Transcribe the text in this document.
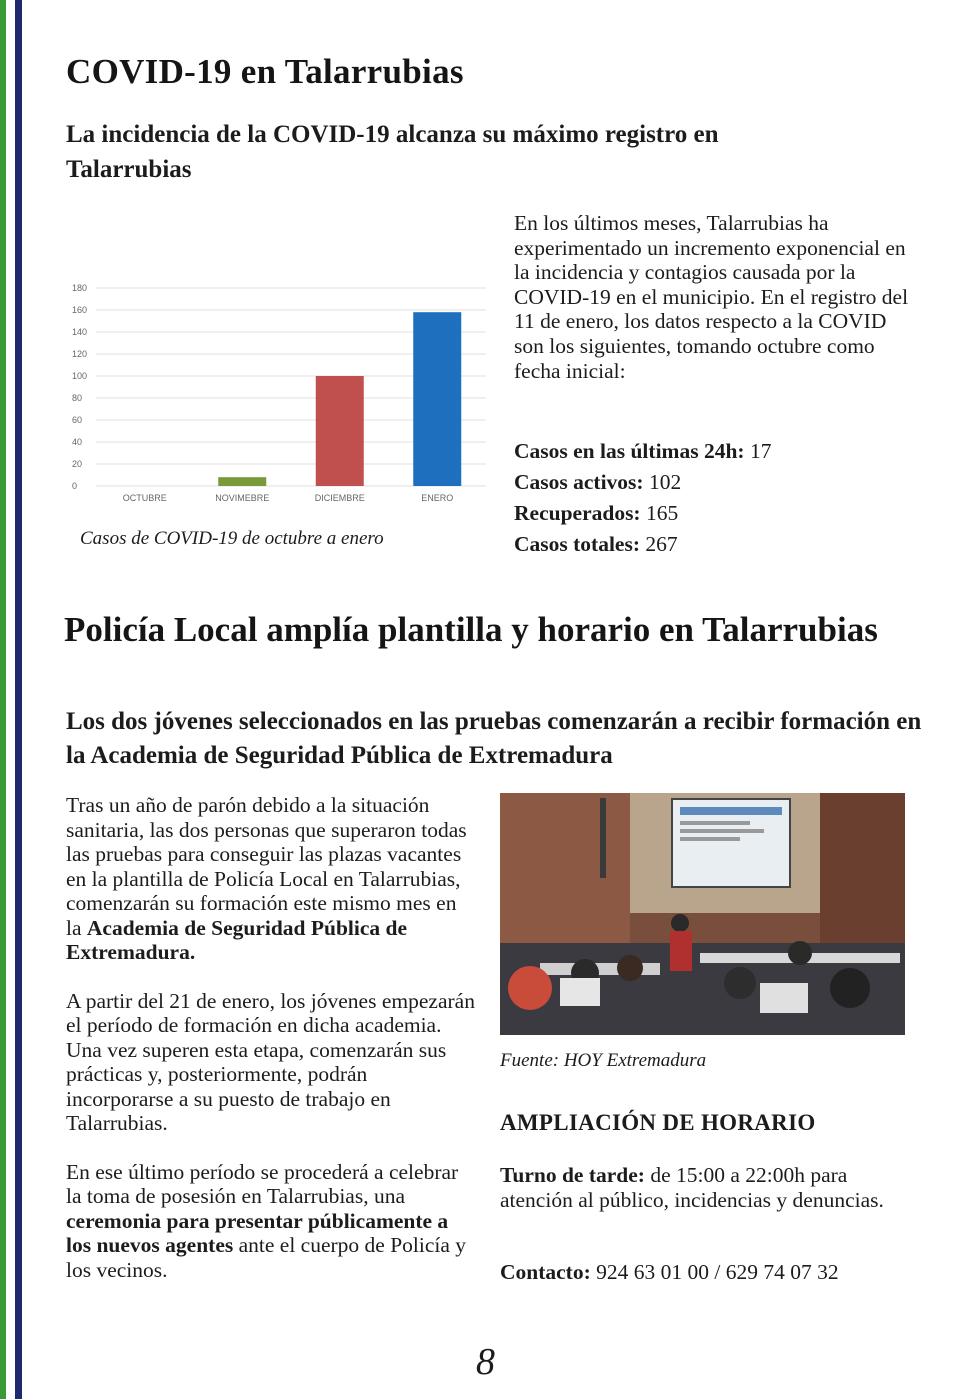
COVID-19 en Talarrubias
La incidencia de la COVID-19 alcanza su máximo registro en Talarrubias
0
20
40
60
80
100
120
140
160
180
OCTUBRE	NOVIMEBRE	DICIEMBRE	ENERO
Casos de COVID-19 de octubre a enero
En los últimos meses, Talarrubias ha experimentado un incremento exponencial en la incidencia y contagios causada por la COVID-19 en el municipio. En el registro del 11 de enero, los datos respecto a la COVID son los siguientes, tomando octubre como fecha inicial:
Casos en las últimas 24h: 17
Casos activos: 102
Recuperados: 165
Casos totales: 267
Policía Local amplía plantilla y horario en Talarrubias
Los dos jóvenes seleccionados en las pruebas comenzarán a recibir formación en la Academia de Seguridad Pública de Extremadura

Tras un año de parón debido a la situación sanitaria, las dos personas que superaron todas las pruebas para conseguir las plazas vacantes en la plantilla de Policía Local en Talarrubias, comenzarán su formación este mismo mes en la Academia de Seguridad Pública de Extremadura.

A partir del 21 de enero, los jóvenes empezarán el período de formación en dicha academia. Una vez superen esta etapa, comenzarán sus prácticas y, posteriormente, podrán incorporarse a su puesto de trabajo en Talarrubias.

En ese último período se procederá a celebrar la toma de posesión en Talarrubias, una ceremonia para presentar públicamente a los nuevos agentes ante el cuerpo de Policía y los vecinos.

Fuente: HOY Extremadura
AMPLIACIÓN DE HORARIO
Turno de tarde: de 15:00 a 22:00h para atención al público, incidencias y denuncias.
Contacto: 924 63 01 00 / 629 74 07 32
8
